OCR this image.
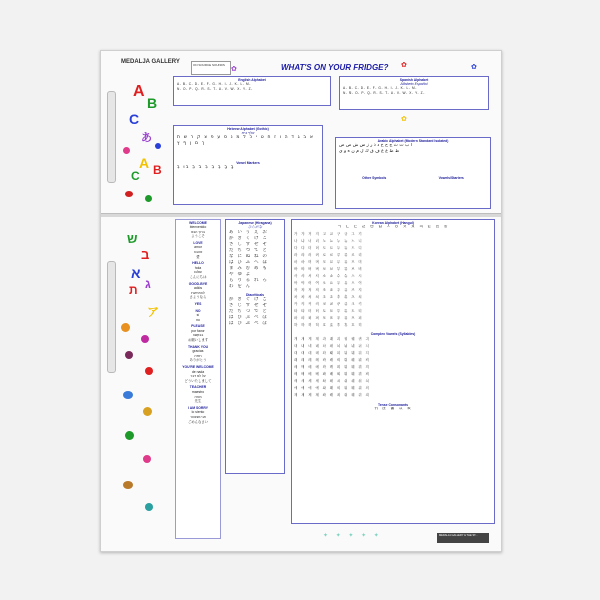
MEDALJA GALLERY	ON SOURCE SOUNDS	WHAT'S ON YOUR FRIDGE?
English Alphabet
A- B- C- D- E- F- G- H- I- J- K- L- M-
N- O- P- Q- R- S- T- U- V- W- X- Y- Z-
Spanish Alphabet
Alfabeto Español
A- B- C- D- E- F- G- H- I- J- K- L- M-
N- Ñ- O- P- Q- R- S- T- U- V- W- X- Y- Z-
Hebrew Alphabet (Gothic)
אלף בית
א ב ג ד ה ו ז ח ט י כ ל מ נ ס ע פ צ ק ר ש ת
ך ם ן ף ץ
Vowel Markers
בָ בַ בֶ בֵ בִ בֹ בֻ בוּ בְ
Arabic Alphabet (Modern Standard Isolated)
ا ب ت ث ج ح خ د ذ ر ز س ش ص ض
ط ظ ع غ ف ق ك ل م ن ه و ي
Other Symbols	Vowels/Starters
WELCOME
bienvenido
ברוך הבא
ようこそ
LOVE
amor
אהבה
愛
HELLO
hola
שלום
こんにちは
GOOD-BYE
adiós
להתראות
さようなら
YES
NO
sí
no
PLEASE
por favor
בבקשה
お願いします
THANK YOU
gracias
תודה
ありがとう
YOU'RE WELCOME
de nada
על לא דבר
どういたしまして
TEACHER
maestro
מורה
先生
I AM SORRY
lo siento
אני מצטער
ごめんなさい
Japanese (Hiragana)
ひらがな
あ い う え お
か き く け こ
さ し す せ そ
た ち つ て と
な に ぬ ね の
は ひ ふ へ ほ
ま み む め も
や ゆ よ
ら り る れ ろ
わ を ん
Diacriticals
が ぎ ぐ げ ご
ざ じ ず ぜ ぞ
だ ぢ づ で ど
ば び ぶ べ ぼ
ぱ ぴ ぷ ぺ ぽ
Korean Alphabet (Hangul)
ㄱ ㄴ ㄷ ㄹ ㅁ ㅂ ㅅ ㅇ ㅈ ㅊ ㅋ ㅌ ㅍ ㅎ
가 갸 거 겨 고 교 구 규 그 기
나 냐 너 녀 노 뇨 누 뉴 느 니
다 댜 더 뎌 도 됴 두 듀 드 디
라 랴 러 려 로 료 루 류 르 리
마 먀 머 며 모 묘 무 뮤 므 미
바 뱌 버 벼 보 뵤 부 뷰 브 비
사 샤 서 셔 소 쇼 수 슈 스 시
아 야 어 여 오 요 우 유 으 이
자 쟈 저 져 조 죠 주 쥬 즈 지
차 챠 처 쳐 초 쵸 추 츄 츠 치
카 캬 커 켜 코 쿄 쿠 큐 크 키
타 탸 터 텨 토 툐 투 튜 트 티
파 퍄 퍼 펴 포 표 푸 퓨 프 피
하 햐 허 혀 호 효 후 휴 흐 히
Complex Vowels (Syllables)
개 걔 게 계 과 괘 괴 궈 궤 귀 긔
내 냬 네 녜 놔 놰 뇌 눠 눼 뉘 늬
대 댸 데 뎨 돠 돼 되 둬 뒈 뒤 듸
래 럐 레 례 롸 뢔 뢰 뤄 뤠 뤼 릐
매 먜 메 몌 뫄 뫠 뫼 뭐 뭬 뮈 믜
배 뱨 베 볘 봐 봬 뵈 붜 붸 뷔 븨
새 섀 세 셰 솨 쇄 쇠 숴 쉐 쉬 싀
애 얘 에 예 와 왜 외 워 웨 위 의
재 쟤 제 졔 좌 좨 죄 줘 줴 쥐 즤
Tense Consonants
ㄲ ㄸ ㅃ ㅆ ㅉ
✦ ✦ ✦ ✦ ✦	MEDALJA GALLERY & THE ST...
A
B
C
あ
A B
C
ש
ב
א
ג
ת
ア
✿	✿	✿
✿
